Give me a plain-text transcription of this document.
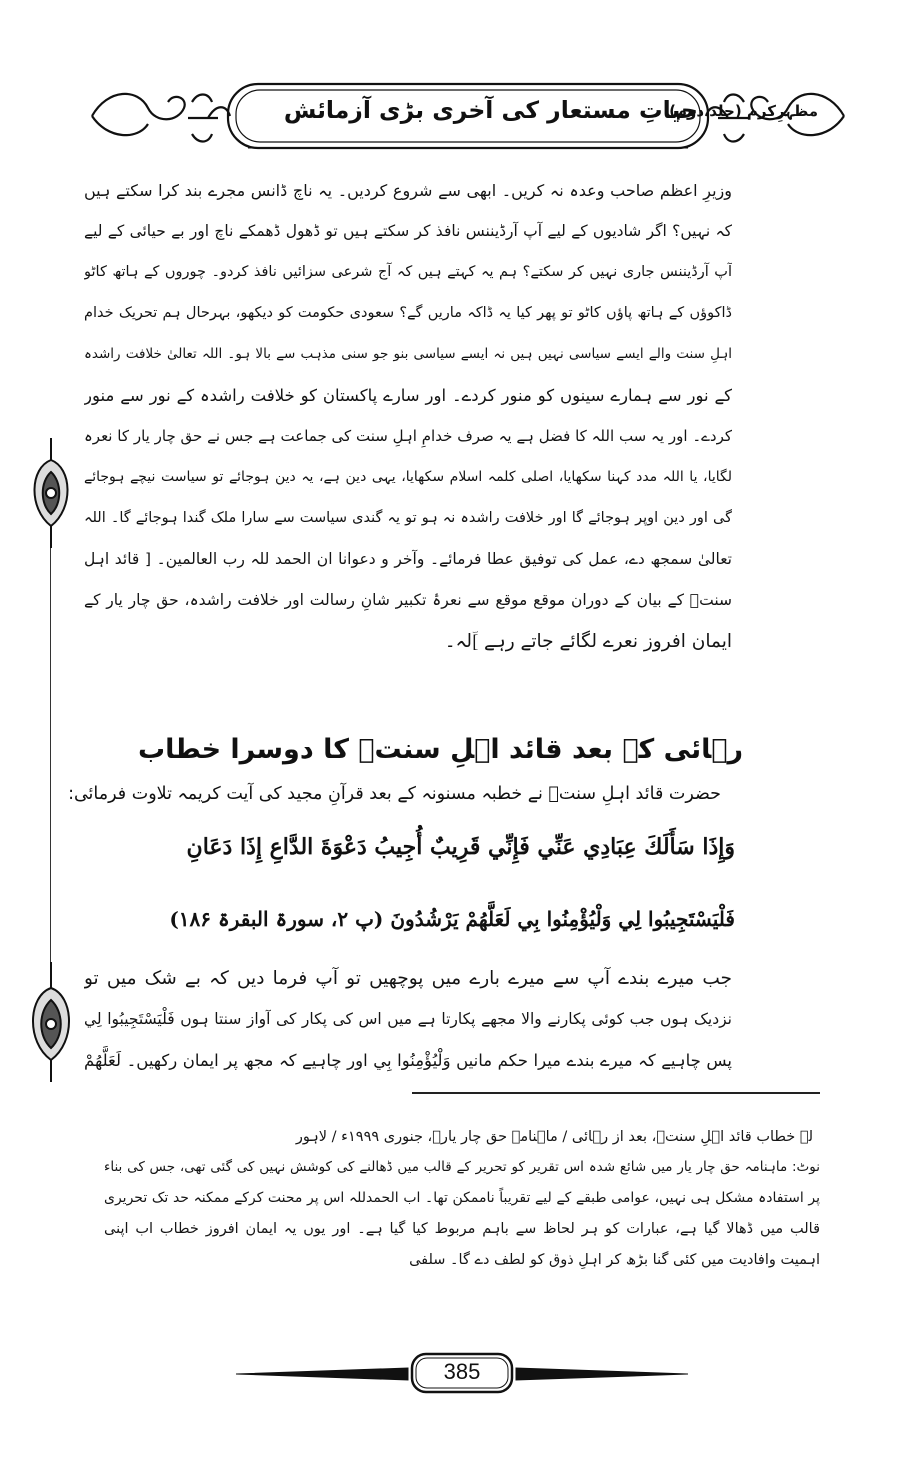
حیاتِ مستعار کی آخری بڑی آزمائش
مظہرِکرم (جلد دوم)
وزیرِ اعظم صاحب وعدہ نہ کریں۔ ابھی سے شروع کردیں۔ یہ ناچ ڈانس مجرے بند کرا سکتے ہیں
کہ نہیں؟ اگر شادیوں کے لیے آپ آرڈیننس نافذ کر سکتے ہیں تو ڈھول ڈھمکے ناچ اور بے حیائی کے لیے
آپ آرڈیننس جاری نہیں کر سکتے؟ ہم یہ کہتے ہیں کہ آج شرعی سزائیں نافذ کردو۔ چوروں کے ہاتھ کاٹو
ڈاکوؤں کے ہاتھ پاؤں کاٹو تو پھر کیا یہ ڈاکہ ماریں گے؟ سعودی حکومت کو دیکھو، بہرحال ہم تحریک خدام
اہلِ سنت والے ایسے سیاسی نہیں ہیں نہ ایسے سیاسی بنو جو سنی مذہب سے بالا ہو۔ اللہ تعالیٰ خلافت راشدہ
کے نور سے ہمارے سینوں کو منور کردے۔ اور سارے پاکستان کو خلافت راشدہ کے نور سے منور
کردے۔ اور یہ سب اللہ کا فضل ہے یہ صرف خدامِ اہلِ سنت کی جماعت ہے جس نے حق چار یار کا نعرہ
لگایا، یا اللہ مدد کہنا سکھایا، اصلی کلمہ اسلام سکھایا، یہی دین ہے، یہ دین ہوجائے تو سیاست نیچے ہوجائے
گی اور دین اوپر ہوجائے گا اور خلافت راشدہ نہ ہو تو یہ گندی سیاست سے سارا ملک گندا ہوجائے گا۔ اللہ
تعالیٰ سمجھ دے، عمل کی توفیق عطا فرمائے۔ وآخر و دعوانا ان الحمد للہ رب العالمین۔ [ قائد اہل
سنتؒ کے بیان کے دوران موقع موقع سے نعرۂ تکبیر شانِ رسالت اور خلافت راشدہ، حق چار یار کے
ایمان افروز نعرے لگائے جاتے رہے ]ؔلہ۔
رہائی کے بعد قائد اہلِ سنتؒ کا دوسرا خطاب
حضرت قائد اہلِ سنتؒ نے خطبہ مسنونہ کے بعد قرآنِ مجید کی آیت کریمہ تلاوت فرمائی:
وَإِذَا سَأَلَكَ عِبَادِي عَنِّي فَإِنِّي قَرِيبٌ أُجِيبُ دَعْوَةَ الدَّاعِ إِذَا دَعَانِ
فَلْيَسْتَجِيبُوا لِي وَلْيُؤْمِنُوا بِي لَعَلَّهُمْ يَرْشُدُونَ (پ ۲، سورۃ البقرۃ ۱۸۶)
جب میرے بندے آپ سے میرے بارے میں پوچھیں تو آپ فرما دیں کہ بے شک میں تو
نزدیک ہوں جب کوئی پکارنے والا مجھے پکارتا ہے میں اس کی پکار کی آواز سنتا ہوں فَلْيَسْتَجِيبُوا لِي
پس چاہیے کہ میرے بندے میرا حکم مانیں وَلْيُؤْمِنُوا بِي اور چاہیے کہ مجھ پر ایمان رکھیں۔ لَعَلَّهُمْ
لہ خطاب قائد اہلِ سنتؒ، بعد از رہائی / ماہنامہ حق چار یارؓ، جنوری ۱۹۹۹ء / لاہور
نوٹ: ماہنامہ حق چار یار میں شائع شدہ اس تقریر کو تحریر کے قالب میں ڈھالنے کی کوشش نہیں کی گئی تھی، جس کی بناء
پر استفادہ مشکل ہی نہیں، عوامی طبقے کے لیے تقریباً ناممکن تھا۔ اب الحمدللہ اس پر محنت کرکے ممکنہ حد تک تحریری
قالب میں ڈھالا گیا ہے، عبارات کو ہر لحاظ سے باہم مربوط کیا گیا ہے۔ اور یوں یہ ایمان افروز خطاب اب اپنی
اہمیت وافادیت میں کئی گنا بڑھ کر اہلِ ذوق کو لطف دے گا۔ سلفی
385
